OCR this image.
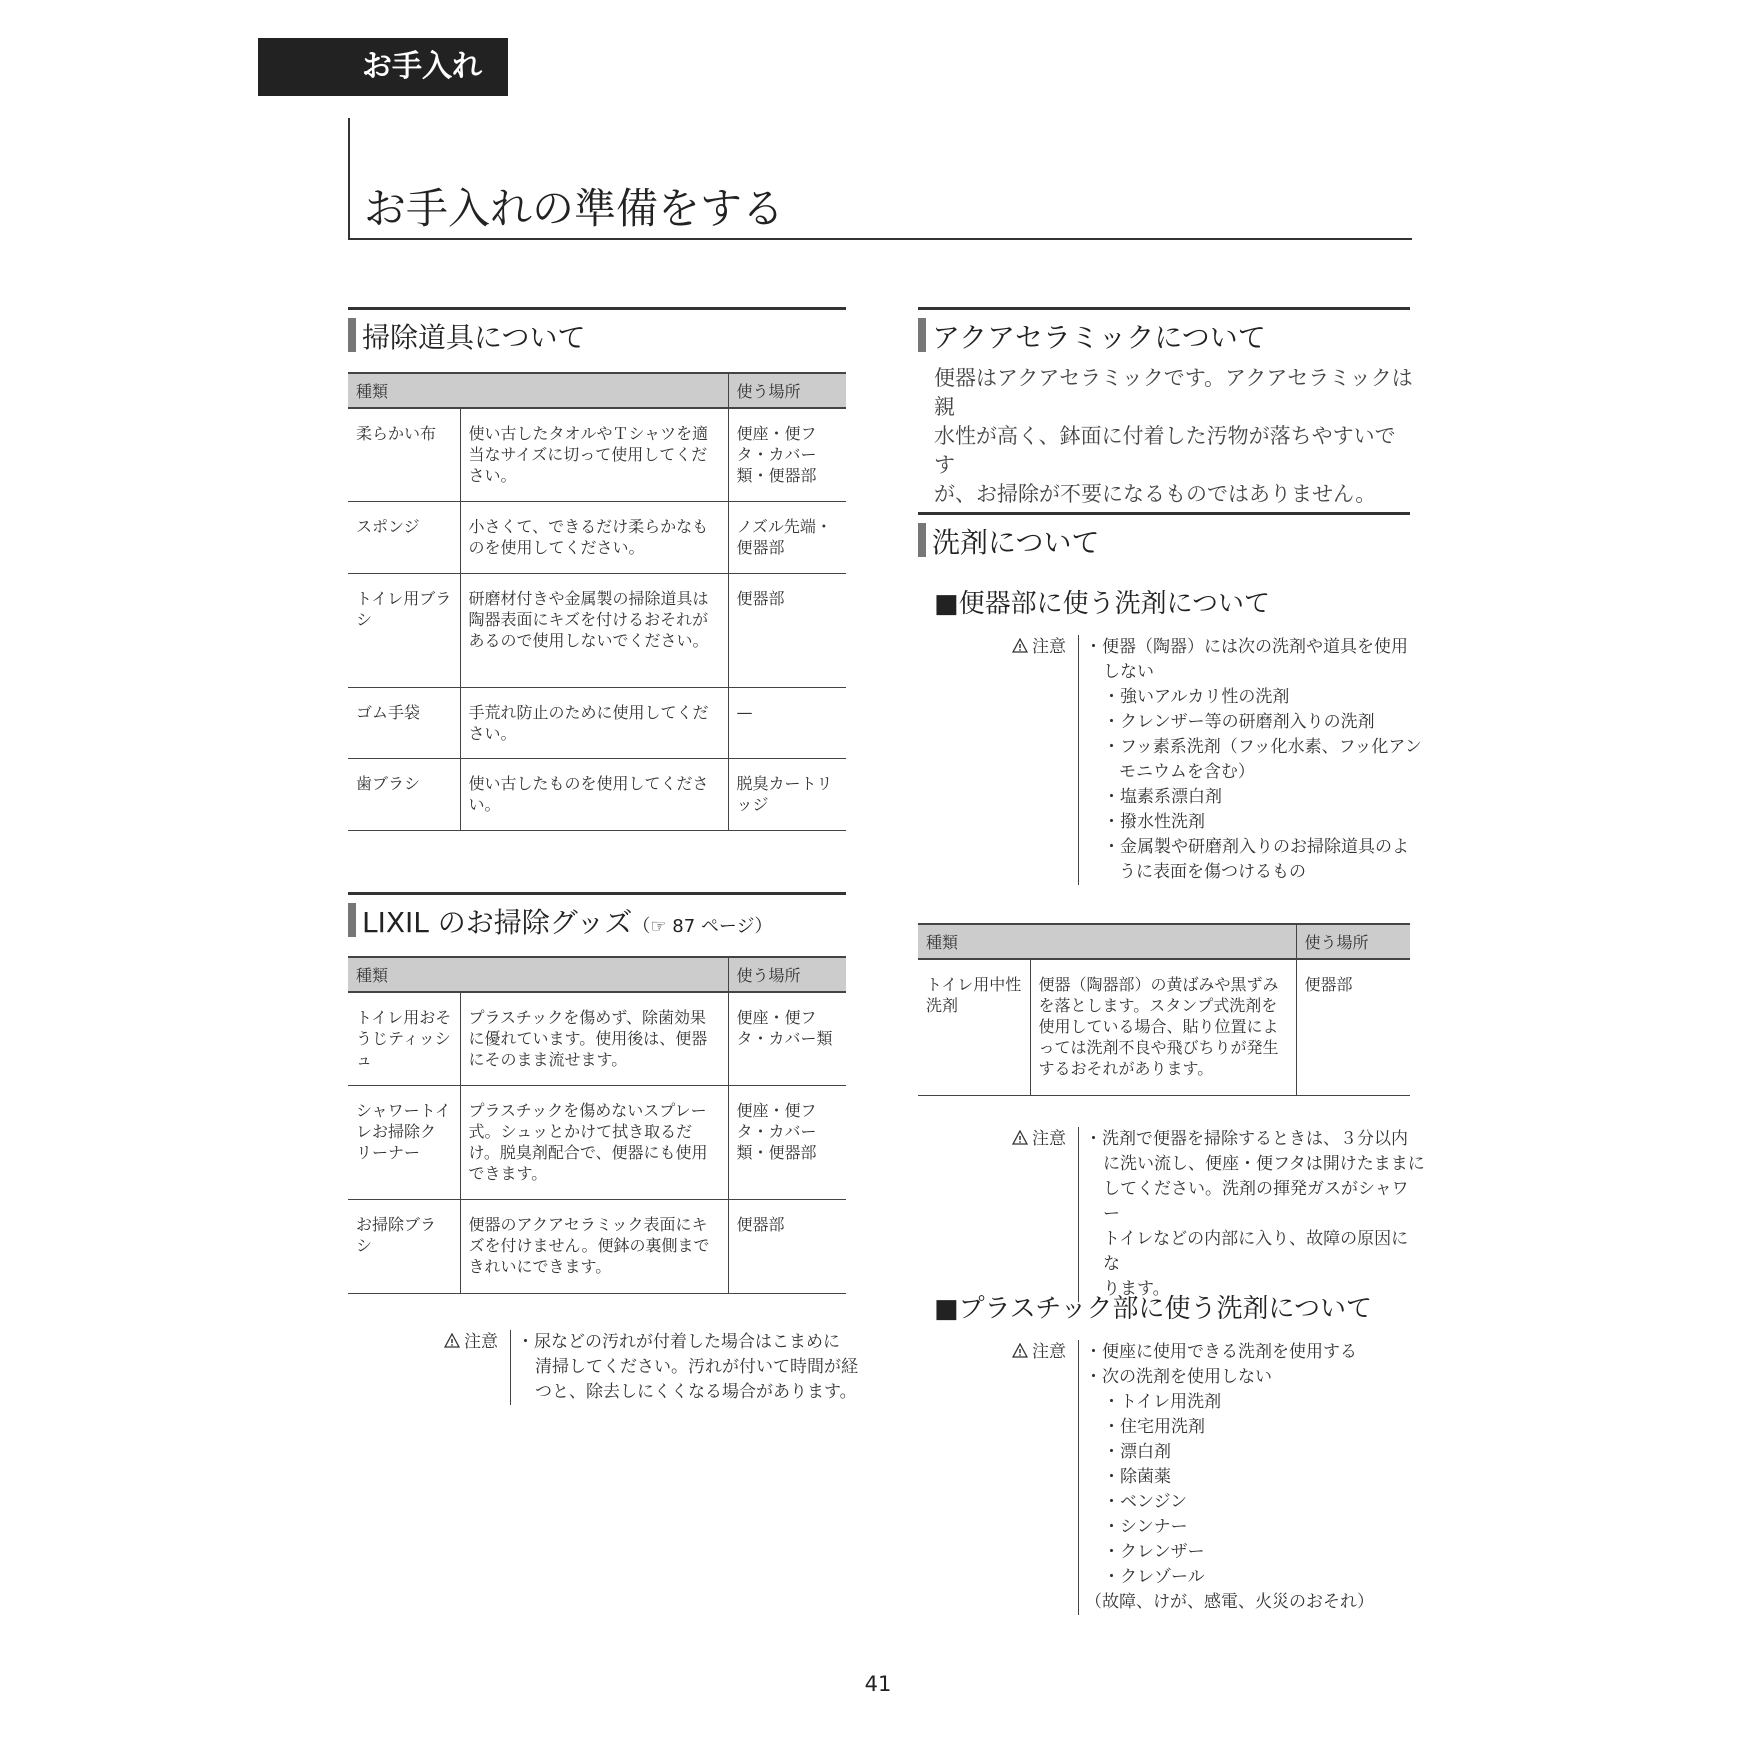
お手入れ
お手入れの準備をする
掃除道具について
種類		使う場所
柔らかい布	使い古したタオルやＴシャツを適当なサイズに切って使用してください。	便座・便フタ・カバー類・便器部
スポンジ	小さくて、できるだけ柔らかなものを使用してください。	ノズル先端・便器部
トイレ用ブラシ	研磨材付きや金属製の掃除道具は陶器表面にキズを付けるおそれがあるので使用しないでください。	便器部
ゴム手袋	手荒れ防止のために使用してください。	—
歯ブラシ	使い古したものを使用してください。	脱臭カートリッジ
LIXIL のお掃除グッズ（☞ 87 ページ）
種類		使う場所
トイレ用おそうじティッシュ	プラスチックを傷めず、除菌効果に優れています。使用後は、便器にそのまま流せます。	便座・便フタ・カバー類
シャワートイレお掃除クリーナー	プラスチックを傷めないスプレー式。シュッとかけて拭き取るだけ。脱臭剤配合で、便器にも使用できます。	便座・便フタ・カバー類・便器部
お掃除ブラシ	便器のアクアセラミック表面にキズを付けません。便鉢の裏側まできれいにできます。	便器部
注意 ・尿などの汚れが付着した場合はこまめに
清掃してください。汚れが付いて時間が経
つと、除去しにくくなる場合があります。
アクアセラミックについて
便器はアクアセラミックです。アクアセラミックは親
水性が高く、鉢面に付着した汚物が落ちやすいです
が、お掃除が不要になるものではありません。
洗剤について
■便器部に使う洗剤について
注意 ・便器（陶器）には次の洗剤や道具を使用
しない
・強いアルカリ性の洗剤
・クレンザー等の研磨剤入りの洗剤
・フッ素系洗剤（フッ化水素、フッ化アン
モニウムを含む）
・塩素系漂白剤
・撥水性洗剤
・金属製や研磨剤入りのお掃除道具のよ
うに表面を傷つけるもの
種類		使う場所
トイレ用中性洗剤	便器（陶器部）の黄ばみや黒ずみを落とします。スタンプ式洗剤を使用している場合、貼り位置によっては洗剤不良や飛びちりが発生するおそれがあります。	便器部
注意 ・洗剤で便器を掃除するときは、３分以内
に洗い流し、便座・便フタは開けたままに
してください。洗剤の揮発ガスがシャワー
トイレなどの内部に入り、故障の原因にな
ります。
■プラスチック部に使う洗剤について
注意 ・便座に使用できる洗剤を使用する
・次の洗剤を使用しない
・トイレ用洗剤
・住宅用洗剤
・漂白剤
・除菌薬
・ベンジン
・シンナー
・クレンザー
・クレゾール
（故障、けが、感電、火災のおそれ）
41
